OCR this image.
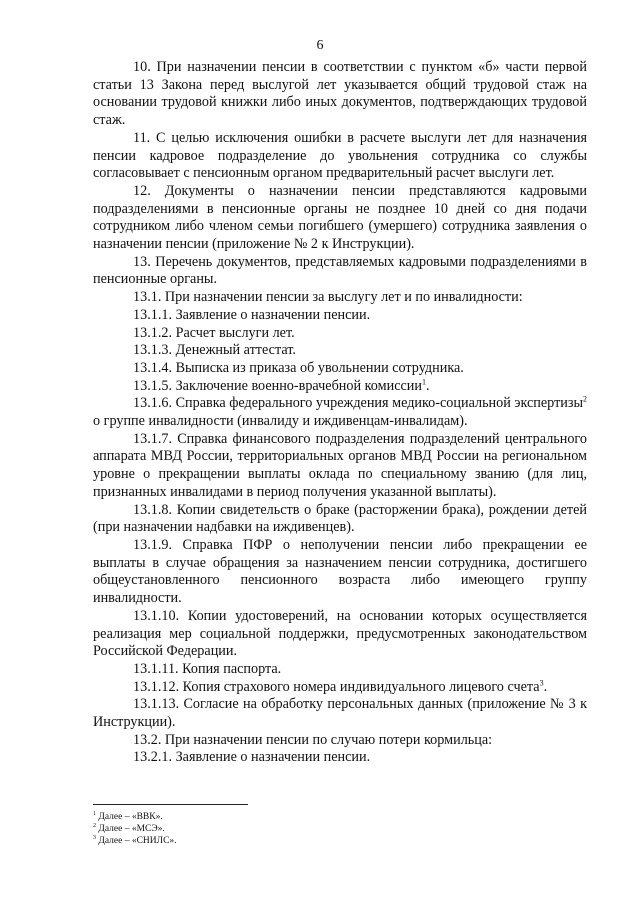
6

10. При назначении пенсии в соответствии с пунктом «б» части первой статьи 13 Закона перед выслугой лет указывается общий трудовой стаж на основании трудовой книжки либо иных документов, подтверждающих трудовой стаж.

11. С целью исключения ошибки в расчете выслуги лет для назначения пенсии кадровое подразделение до увольнения сотрудника со службы согласовывает с пенсионным органом предварительный расчет выслуги лет.

12. Документы о назначении пенсии представляются кадровыми подразделениями в пенсионные органы не позднее 10 дней со дня подачи сотрудником либо членом семьи погибшего (умершего) сотрудника заявления о назначении пенсии (приложение № 2 к Инструкции).

13. Перечень документов, представляемых кадровыми подразделениями в пенсионные органы.

13.1. При назначении пенсии за выслугу лет и по инвалидности:

13.1.1. Заявление о назначении пенсии.

13.1.2. Расчет выслуги лет.

13.1.3. Денежный аттестат.

13.1.4. Выписка из приказа об увольнении сотрудника.

13.1.5. Заключение военно-врачебной комиссии$^1$.

13.1.6. Справка федерального учреждения медико-социальной экспертизы$^2$ о группе инвалидности (инвалиду и иждивенцам-инвалидам).

13.1.7. Справка финансового подразделения подразделений центрального аппарата МВД России, территориальных органов МВД России на региональном уровне о прекращении выплаты оклада по специальному званию (для лиц, признанных инвалидами в период получения указанной выплаты).

13.1.8. Копии свидетельств о браке (расторжении брака), рождении детей (при назначении надбавки на иждивенцев).

13.1.9. Справка ПФР о неполучении пенсии либо прекращении ее выплаты в случае обращения за назначением пенсии сотрудника, достигшего общеустановленного пенсионного возраста либо имеющего группу инвалидности.

13.1.10. Копии удостоверений, на основании которых осуществляется реализация мер социальной поддержки, предусмотренных законодательством Российской Федерации.

13.1.11. Копия паспорта.

13.1.12. Копия страхового номера индивидуального лицевого счета$^3$.

13.1.13. Согласие на обработку персональных данных (приложение № 3 к Инструкции).

13.2. При назначении пенсии по случаю потери кормильца:

13.2.1. Заявление о назначении пенсии.

$^1$ Далее – «ВВК».
$^2$ Далее – «МСЭ».
$^3$ Далее – «СНИЛС».
